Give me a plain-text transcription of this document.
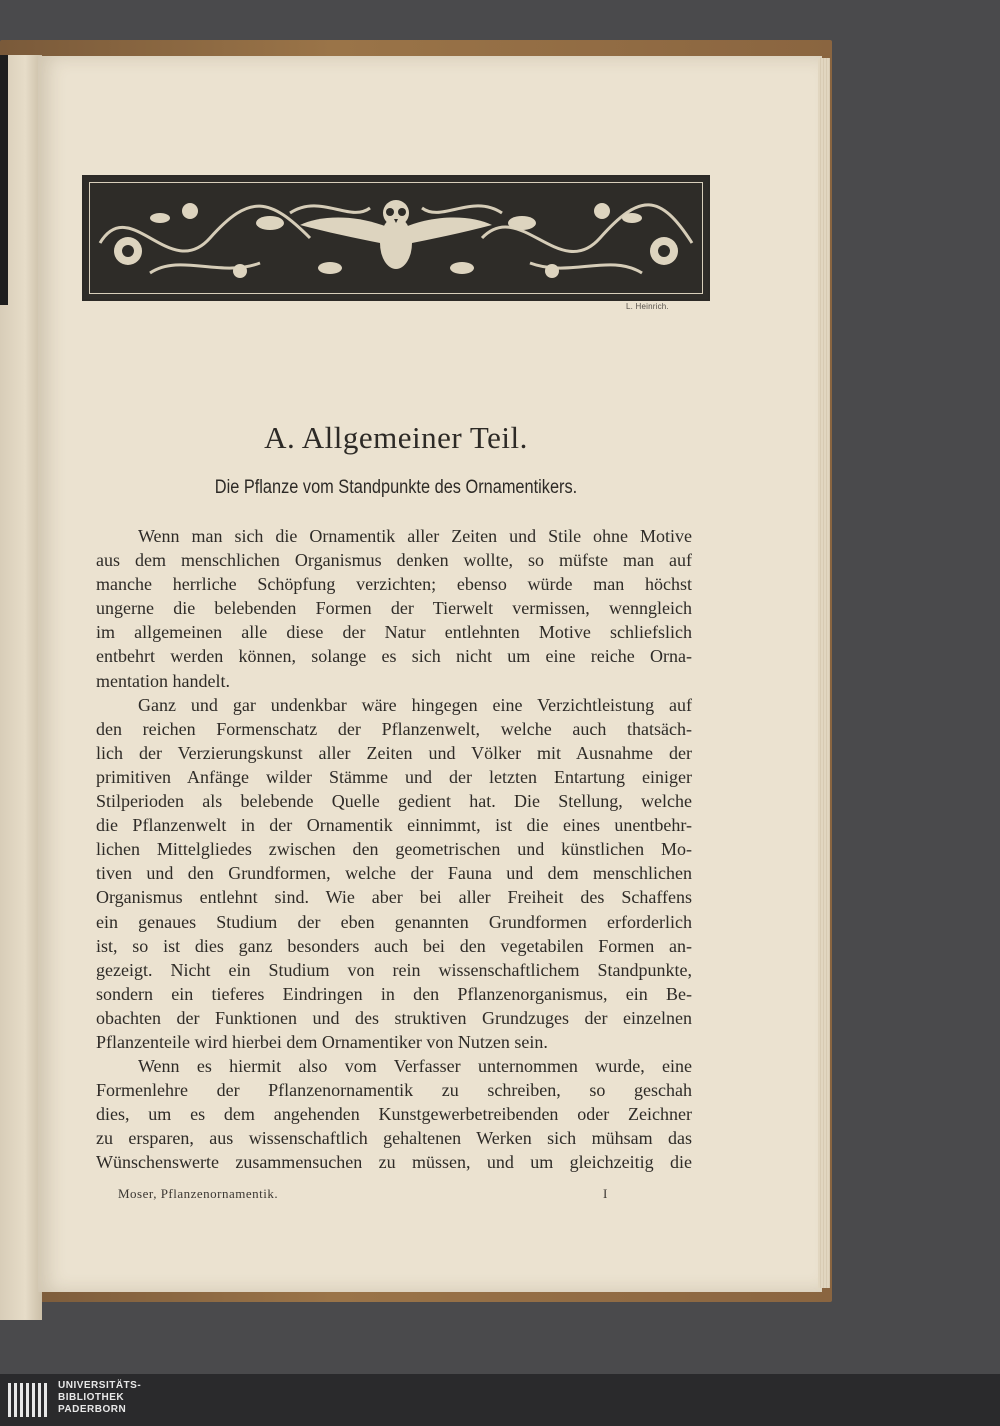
L. Heinrich.
A. Allgemeiner Teil.
Die Pflanze vom Standpunkte des Ornamentikers.
Wenn man sich die Ornamentik aller Zeiten und Stile ohne Motive
aus dem menschlichen Organismus denken wollte, so müfste man auf
manche herrliche Schöpfung verzichten; ebenso würde man höchst
ungerne die belebenden Formen der Tierwelt vermissen, wenngleich
im allgemeinen alle diese der Natur entlehnten Motive schliefslich
entbehrt werden können, solange es sich nicht um eine reiche Orna-
mentation handelt.
Ganz und gar undenkbar wäre hingegen eine Verzichtleistung auf
den reichen Formenschatz der Pflanzenwelt, welche auch thatsäch-
lich der Verzierungskunst aller Zeiten und Völker mit Ausnahme der
primitiven Anfänge wilder Stämme und der letzten Entartung einiger
Stilperioden als belebende Quelle gedient hat. Die Stellung, welche
die Pflanzenwelt in der Ornamentik einnimmt, ist die eines unentbehr-
lichen Mittelgliedes zwischen den geometrischen und künstlichen Mo-
tiven und den Grundformen, welche der Fauna und dem menschlichen
Organismus entlehnt sind. Wie aber bei aller Freiheit des Schaffens
ein genaues Studium der eben genannten Grundformen erforderlich
ist, so ist dies ganz besonders auch bei den vegetabilen Formen an-
gezeigt. Nicht ein Studium von rein wissenschaftlichem Standpunkte,
sondern ein tieferes Eindringen in den Pflanzenorganismus, ein Be-
obachten der Funktionen und des struktiven Grundzuges der einzelnen
Pflanzenteile wird hierbei dem Ornamentiker von Nutzen sein.
Wenn es hiermit also vom Verfasser unternommen wurde, eine
Formenlehre der Pflanzenornamentik zu schreiben, so geschah
dies, um es dem angehenden Kunstgewerbetreibenden oder Zeichner
zu ersparen, aus wissenschaftlich gehaltenen Werken sich mühsam das
Wünschenswerte zusammensuchen zu müssen, und um gleichzeitig die
Moser, Pflanzenornamentik.	I
UNIVERSITÄTS-
BIBLIOTHEK
PADERBORN
